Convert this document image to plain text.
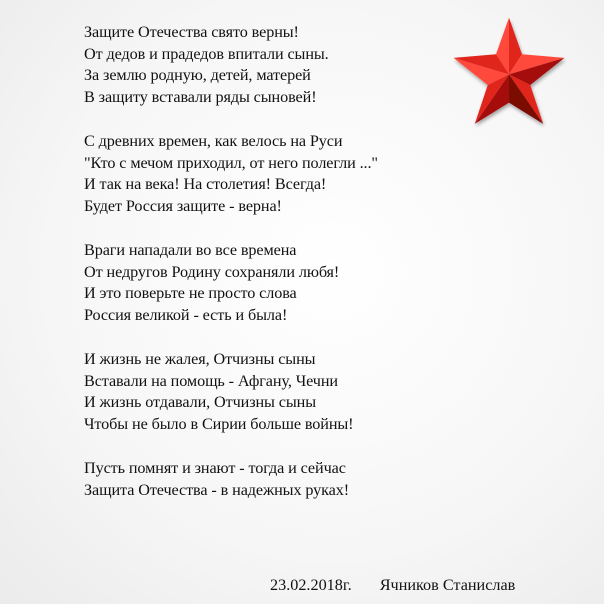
Защите Отечества свято верны!
От дедов и прадедов впитали сыны.
За землю родную, детей, матерей
В защиту вставали ряды сыновей!
С древних времен, как велось на Руси
"Кто с мечом приходил, от него полегли ..."
И так на века! На столетия! Всегда!
Будет Россия защите - верна!
Враги нападали во все времена
От недругов Родину сохраняли любя!
И это поверьте не просто слова
Россия великой - есть и была!
И жизнь не жалея, Отчизны сыны
Вставали на помощь - Афгану, Чечни
И жизнь отдавали, Отчизны сыны
Чтобы не было в Сирии больше войны!
Пусть помнят и знают - тогда и сейчас
Защита Отечества - в надежных руках!
23.02.2018г. Ячников Станислав
